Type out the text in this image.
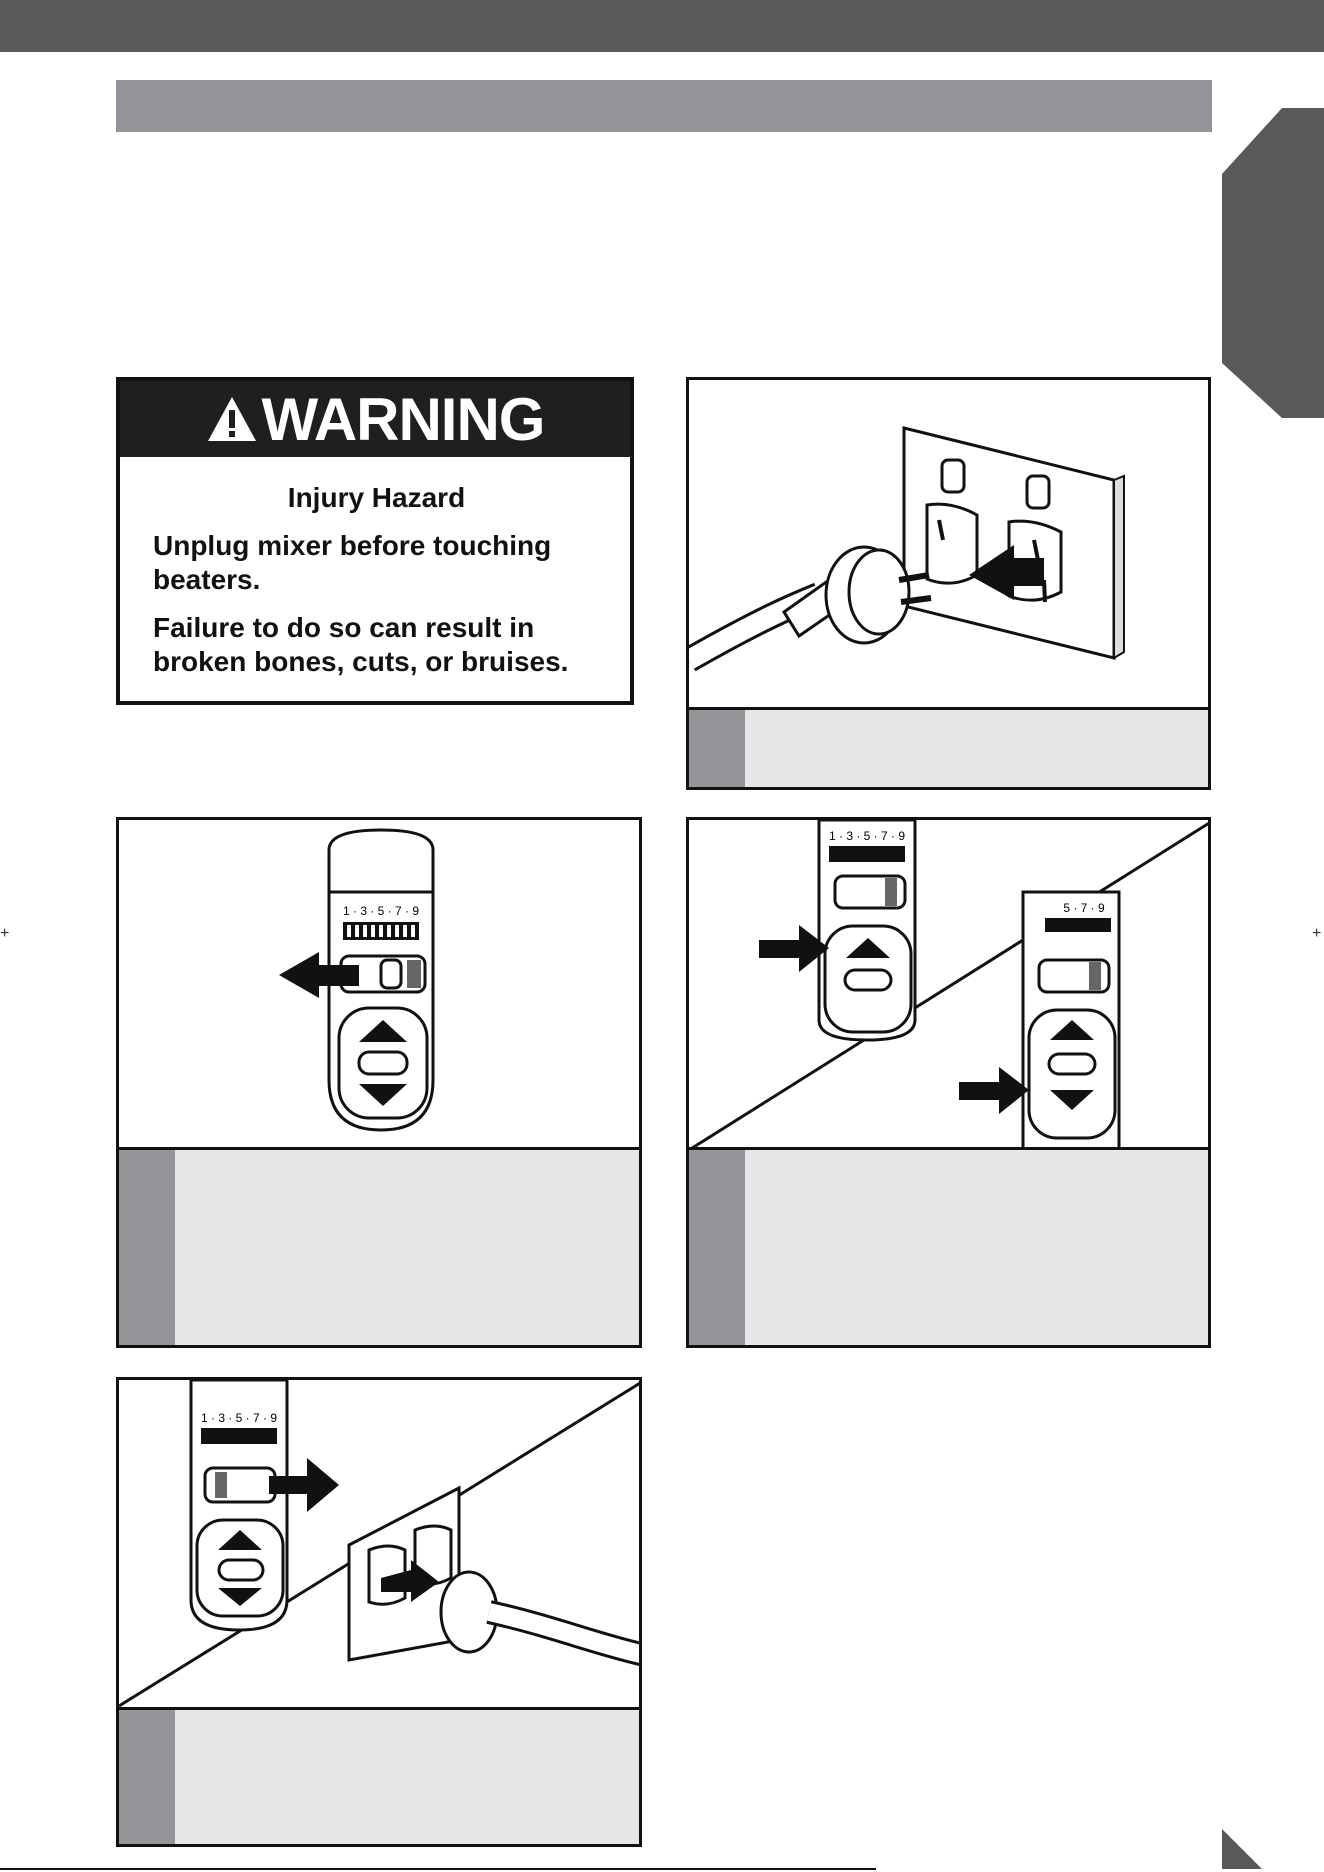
+	+
WARNING

Injury Hazard

Unplug mixer before touching beaters.

Failure to do so can result in broken bones, cuts, or bruises.

1 · 3 · 5 · 7 · 9
1 · 3 · 5 · 7 · 9
5 · 7 · 9
1 · 3 · 5 · 7 · 9
